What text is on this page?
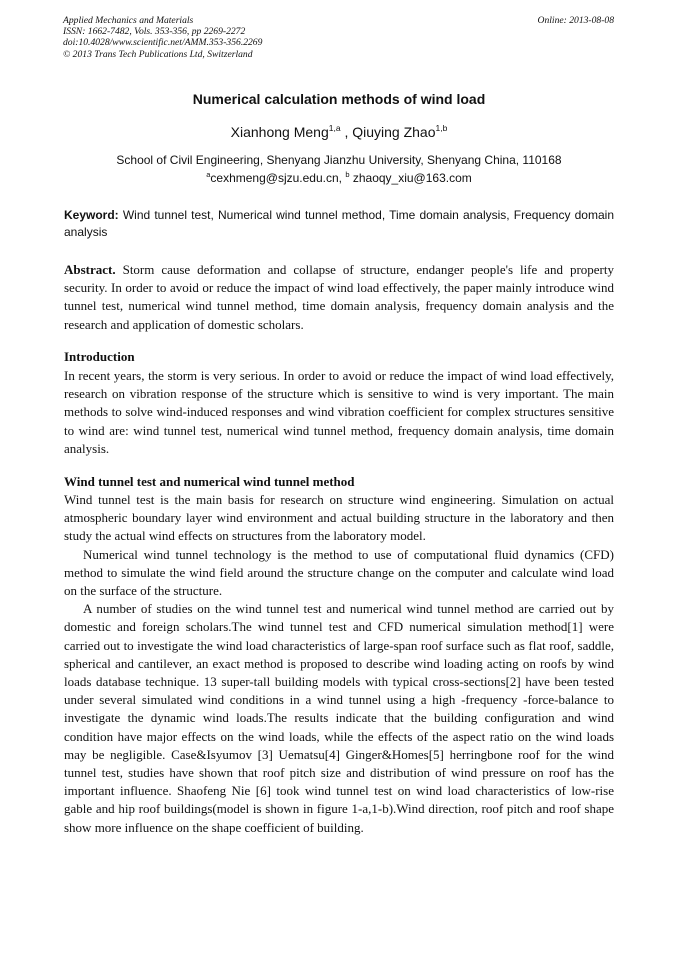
Applied Mechanics and Materials
ISSN: 1662-7482, Vols. 353-356, pp 2269-2272
doi:10.4028/www.scientific.net/AMM.353-356.2269
© 2013 Trans Tech Publications Ltd, Switzerland
Online: 2013-08-08
Numerical calculation methods of wind load
Xianhong Meng$^{1,a}$ , Qiuying Zhao$^{1,b}$
School of Civil Engineering, Shenyang Jianzhu University, Shenyang China, 110168
$^a$cexhmeng@sjzu.edu.cn, $^b$ zhaoqy_xiu@163.com
Keyword: Wind tunnel test, Numerical wind tunnel method, Time domain analysis, Frequency domain analysis

Abstract. Storm cause deformation and collapse of structure, endanger people's life and property security. In order to avoid or reduce the impact of wind load effectively, the paper mainly introduce wind tunnel test, numerical wind tunnel method, time domain analysis, frequency domain analysis and the research and application of domestic scholars.

Introduction

In recent years, the storm is very serious. In order to avoid or reduce the impact of wind load effectively, research on vibration response of the structure which is sensitive to wind is very important. The main methods to solve wind-induced responses and wind vibration coefficient for complex structures sensitive to wind are: wind tunnel test, numerical wind tunnel method, frequency domain analysis, time domain analysis.

Wind tunnel test and numerical wind tunnel method

Wind tunnel test is the main basis for research on structure wind engineering. Simulation on actual atmospheric boundary layer wind environment and actual building structure in the laboratory and then study the actual wind effects on structures from the laboratory model.

Numerical wind tunnel technology is the method to use of computational fluid dynamics (CFD) method to simulate the wind field around the structure change on the computer and calculate wind load on the surface of the structure.

A number of studies on the wind tunnel test and numerical wind tunnel method are carried out by domestic and foreign scholars.The wind tunnel test and CFD numerical simulation method[1] were carried out to investigate the wind load characteristics of large-span roof surface such as flat roof, saddle, spherical and cantilever, an exact method is proposed to describe wind loading acting on roofs by wind loads database technique. 13 super-tall building models with typical cross-sections[2] have been tested under several simulated wind conditions in a wind tunnel using a high -frequency -force-balance to investigate the dynamic wind loads.The results indicate that the building configuration and wind condition have major effects on the wind loads, while the effects of the aspect ratio on the wind loads may be negligible. Case&Isyumov [3] Uematsu[4] Ginger&Homes[5] herringbone roof for the wind tunnel test, studies have shown that roof pitch size and distribution of wind pressure on roof has the important influence. Shaofeng Nie [6] took wind tunnel test on wind load characteristics of low-rise gable and hip roof buildings(model is shown in figure 1-a,1-b).Wind direction, roof pitch and roof shape show more influence on the shape coefficient of building.
